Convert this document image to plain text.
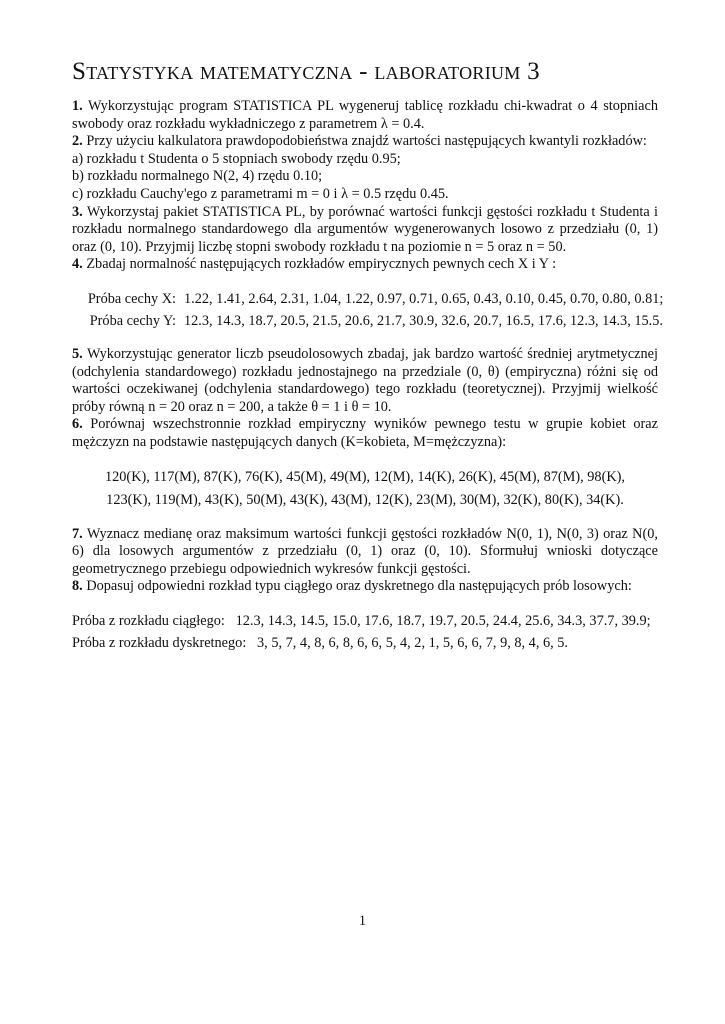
Statystyka matematyczna - laboratorium 3

1. Wykorzystując program STATISTICA PL wygeneruj tablicę rozkładu chi-kwadrat o 4 stopniach swobody oraz rozkładu wykładniczego z parametrem λ = 0.4.

2. Przy użyciu kalkulatora prawdopodobieństwa znajdź wartości następujących kwantyli rozkładów:

a) rozkładu t Studenta o 5 stopniach swobody rzędu 0.95;

b) rozkładu normalnego N(2, 4) rzędu 0.10;

c) rozkładu Cauchy'ego z parametrami m = 0 i λ = 0.5 rzędu 0.45.

3. Wykorzystaj pakiet STATISTICA PL, by porównać wartości funkcji gęstości rozkładu t Studenta i rozkładu normalnego standardowego dla argumentów wygenerowanych losowo z przedziału (0, 1) oraz (0, 10). Przyjmij liczbę stopni swobody rozkładu t na poziomie n = 5 oraz n = 50.

4. Zbadaj normalność następujących rozkładów empirycznych pewnych cech X i Y :

Próba cechy X: 1.22, 1.41, 2.64, 2.31, 1.04, 1.22, 0.97, 0.71, 0.65, 0.43, 0.10, 0.45, 0.70, 0.80, 0.81;
Próba cechy Y: 12.3, 14.3, 18.7, 20.5, 21.5, 20.6, 21.7, 30.9, 32.6, 20.7, 16.5, 17.6, 12.3, 14.3, 15.5.

5. Wykorzystując generator liczb pseudolosowych zbadaj, jak bardzo wartość średniej arytmetycznej (odchylenia standardowego) rozkładu jednostajnego na przedziale (0, θ) (empiryczna) różni się od wartości oczekiwanej (odchylenia standardowego) tego rozkładu (teoretycznej). Przyjmij wielkość próby równą n = 20 oraz n = 200, a także θ = 1 i θ = 10.

6. Porównaj wszechstronnie rozkład empiryczny wyników pewnego testu w grupie kobiet oraz mężczyzn na podstawie następujących danych (K=kobieta, M=mężczyzna):

120(K), 117(M), 87(K), 76(K), 45(M), 49(M), 12(M), 14(K), 26(K), 45(M), 87(M), 98(K),
123(K), 119(M), 43(K), 50(M), 43(K), 43(M), 12(K), 23(M), 30(M), 32(K), 80(K), 34(K).

7. Wyznacz medianę oraz maksimum wartości funkcji gęstości rozkładów N(0, 1), N(0, 3) oraz N(0, 6) dla losowych argumentów z przedziału (0, 1) oraz (0, 10). Sformułuj wnioski dotyczące geometrycznego przebiegu odpowiednich wykresów funkcji gęstości.

8. Dopasuj odpowiedni rozkład typu ciągłego oraz dyskretnego dla następujących prób losowych:

Próba z rozkładu ciągłego: 12.3, 14.3, 14.5, 15.0, 17.6, 18.7, 19.7, 20.5, 24.4, 25.6, 34.3, 37.7, 39.9;
Próba z rozkładu dyskretnego: 3, 5, 7, 4, 8, 6, 8, 6, 6, 5, 4, 2, 1, 5, 6, 6, 7, 9, 8, 4, 6, 5.
1
